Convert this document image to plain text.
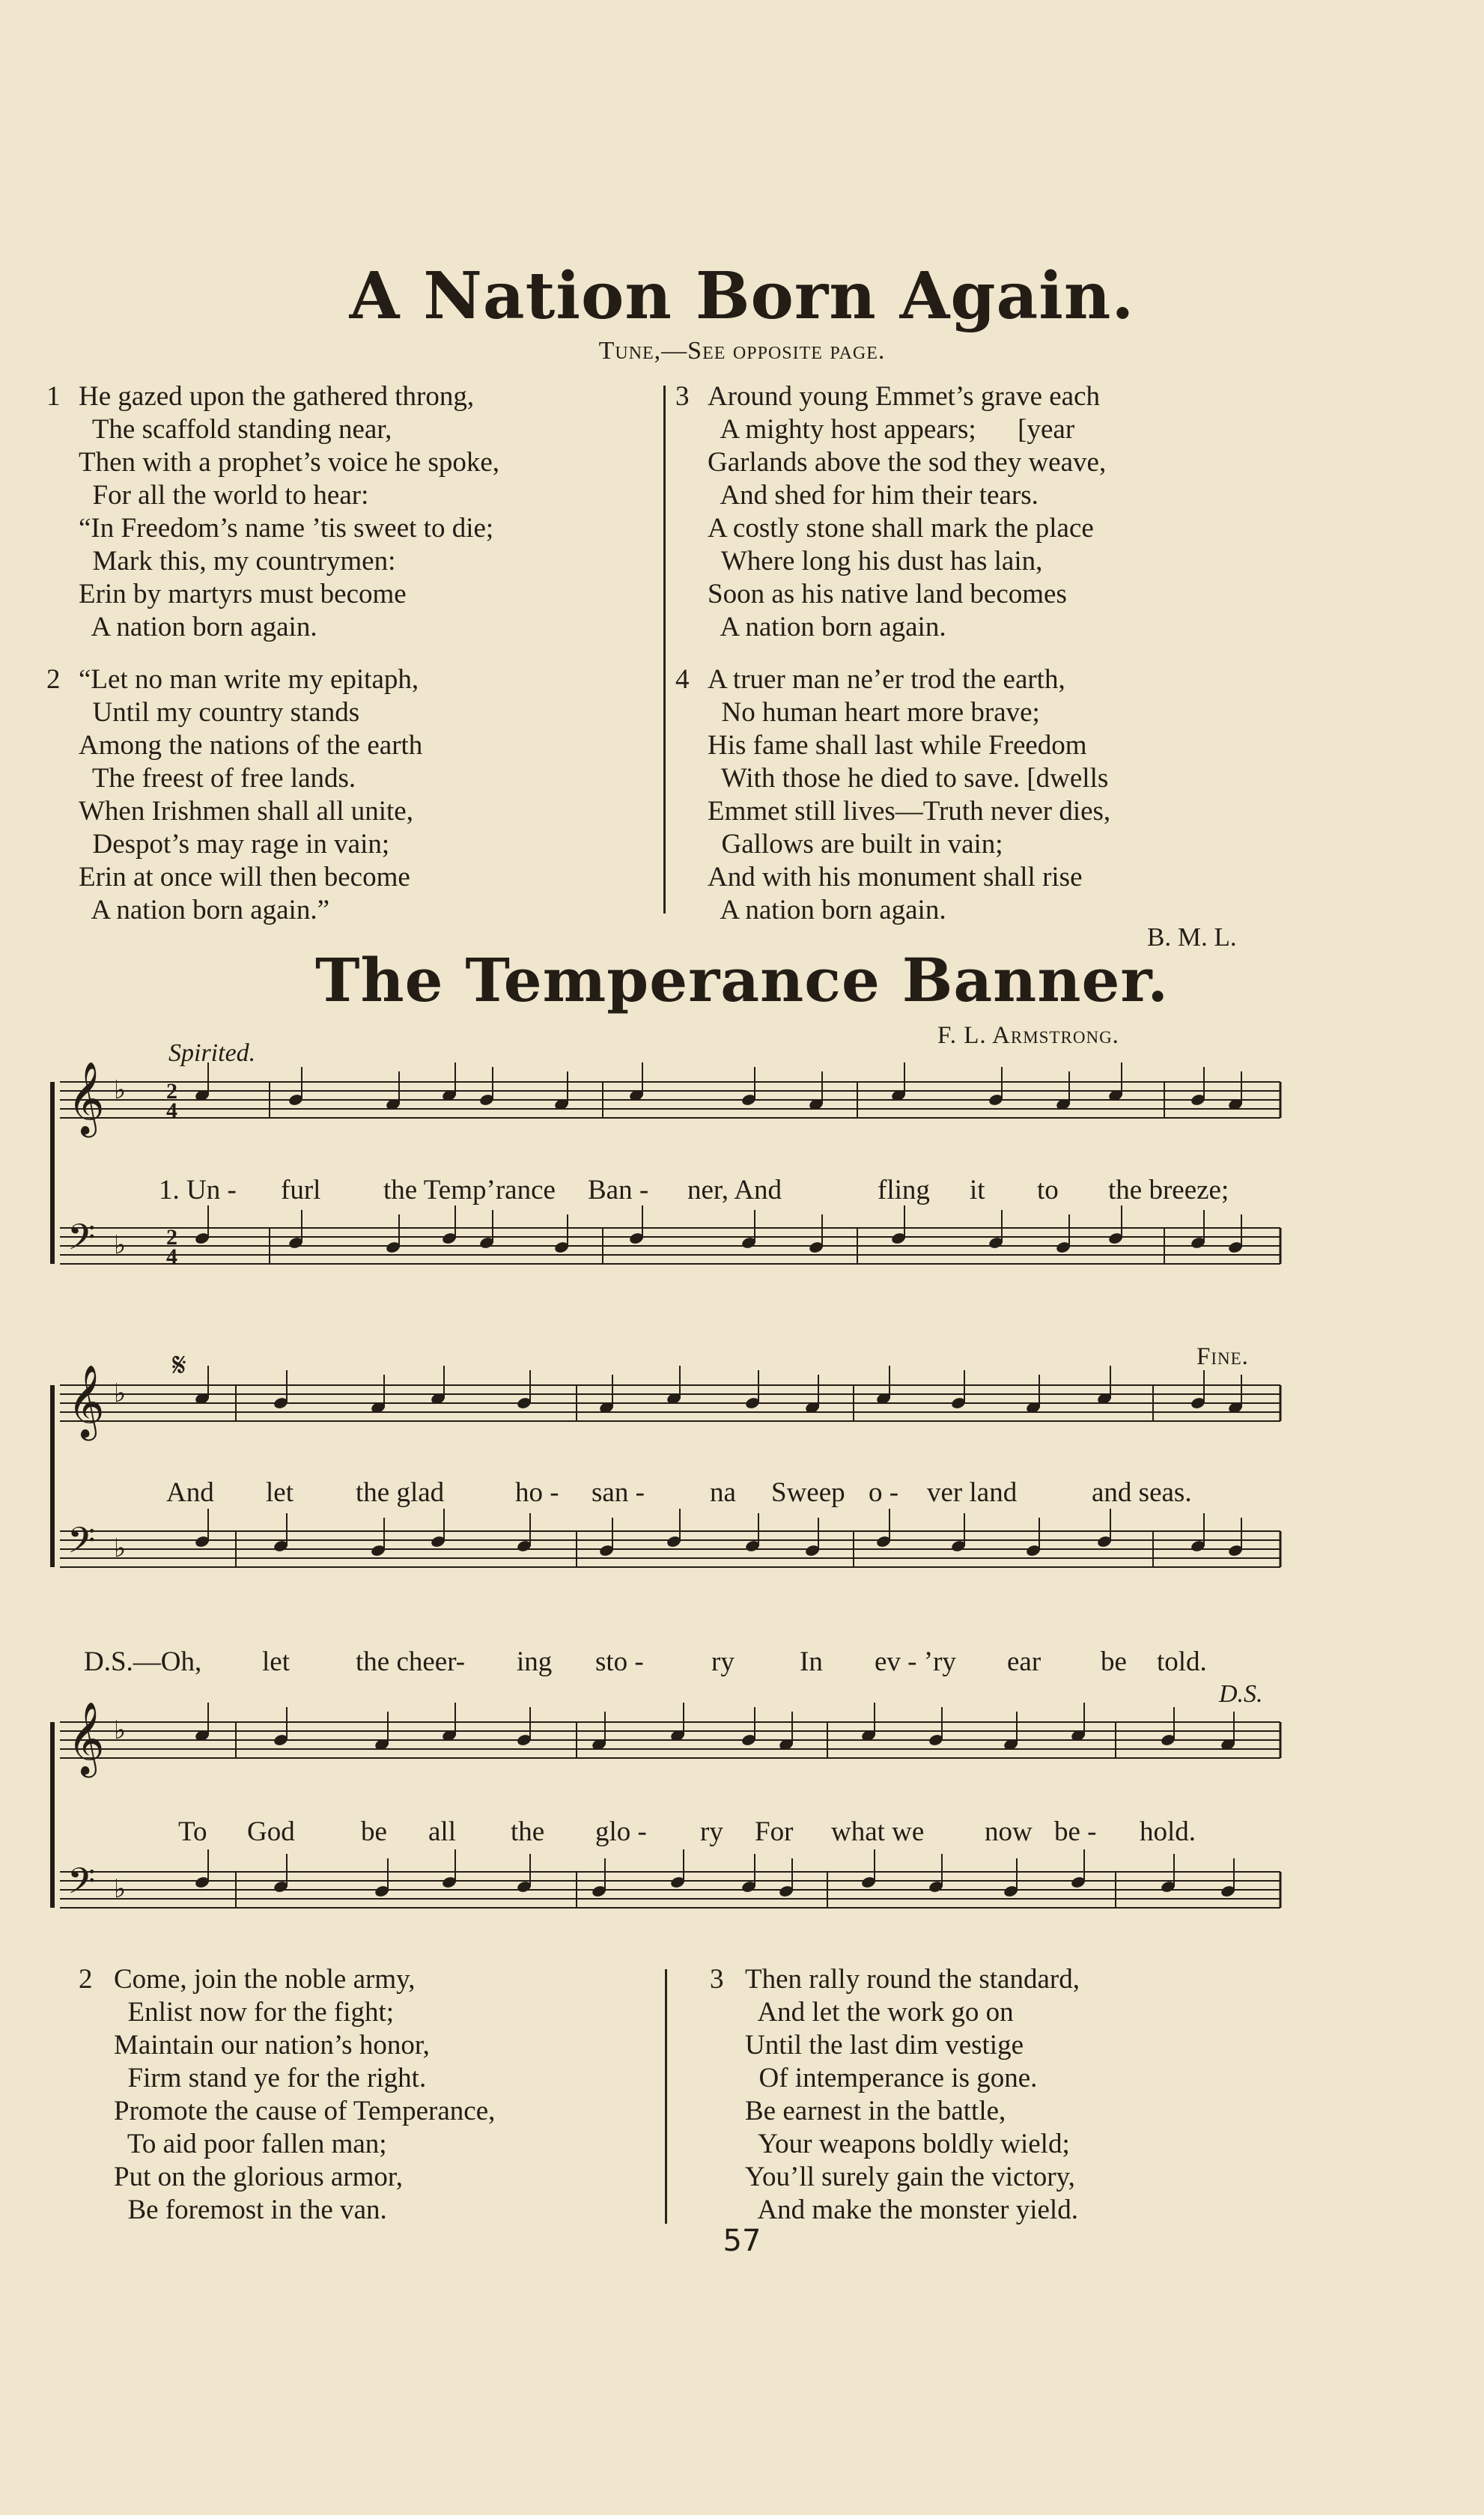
A Nation Born Again.
Tune,—See opposite page.
1 He gazed upon the gathered throng,
The scaffold standing near,
Then with a prophet’s voice he spoke,
For all the world to hear:
“In Freedom’s name ’tis sweet to die;
Mark this, my countrymen:
Erin by martyrs must become
A nation born again.
2 “Let no man write my epitaph,
Until my country stands
Among the nations of the earth
The freest of free lands.
When Irishmen shall all unite,
Despot’s may rage in vain;
Erin at once will then become
A nation born again.”
3 Around young Emmet’s grave each
A mighty host appears;      [year
Garlands above the sod they weave,
And shed for him their tears.
A costly stone shall mark the place
Where long his dust has lain,
Soon as his native land becomes
A nation born again.
4 A truer man ne’er trod the earth,
No human heart more brave;
His fame shall last while Freedom
With those he died to save. [dwells
Emmet still lives—Truth never dies,
Gallows are built in vain;
And with his monument shall rise
A nation born again.
B. M. L.
The Temperance Banner.
F. L. Armstrong.
Spirited.
Fine.
D.S.
𝄞 ♭
𝄢 ♭
𝄞 ♭
𝄢 ♭
𝄞 ♭
𝄢 ♭
𝄋
2
4
2
4
1. Un - furl the Temp’rance Ban - ner, And	fling it to the breeze;
And let the glad	ho - san - na Sweep o - ver land	and seas.
D.S.—Oh, let the cheer- ing sto - ry In ev - ’ry ear be told.
To God be all the glo - ry For what we now be - hold.
2 Come, join the noble army,
Enlist now for the fight;
Maintain our nation’s honor,
Firm stand ye for the right.
Promote the cause of Temperance,
To aid poor fallen man;
Put on the glorious armor,
Be foremost in the van.
3 Then rally round the standard,
And let the work go on
Until the last dim vestige
Of intemperance is gone.
Be earnest in the battle,
Your weapons boldly wield;
You’ll surely gain the victory,
And make the monster yield.
57
